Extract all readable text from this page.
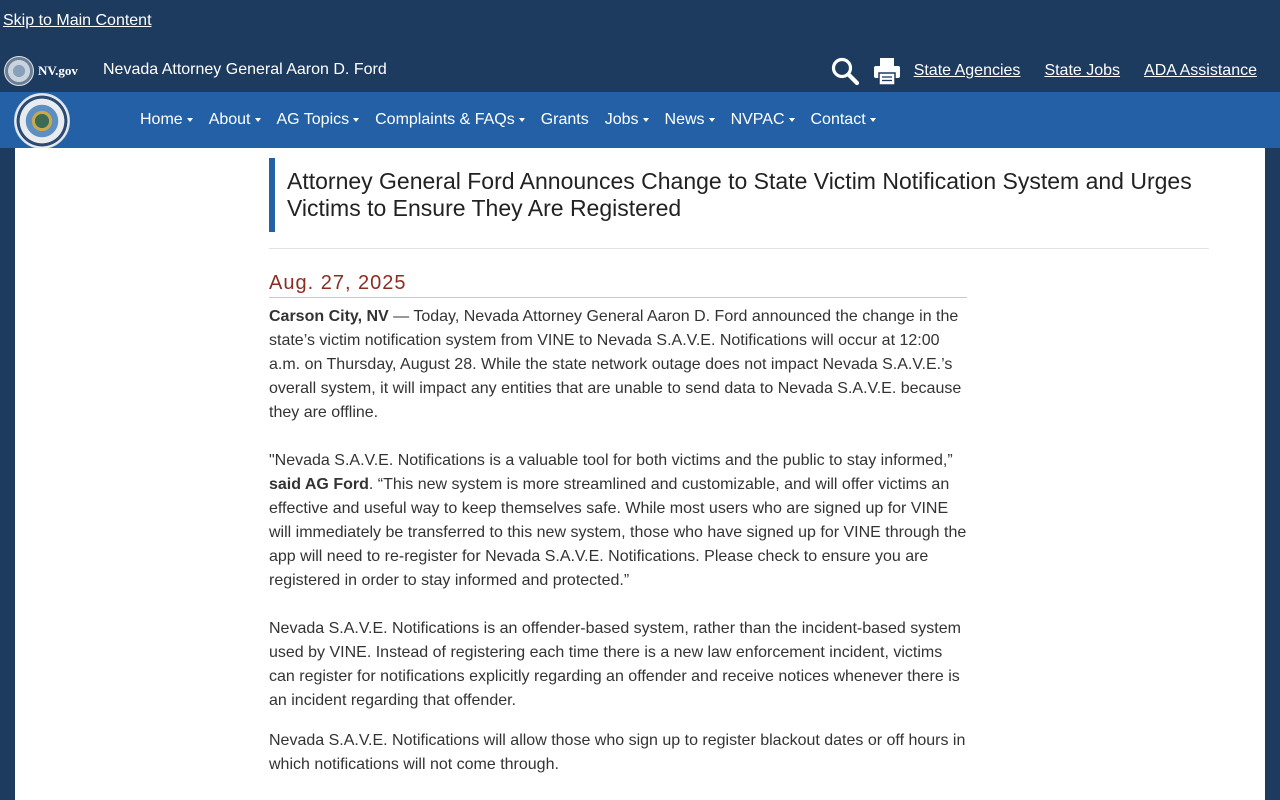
Skip to Main Content
NV.gov Nevada Attorney General Aaron D. Ford	State Agencies State Jobs ADA Assistance
Home About AG Topics Complaints & FAQs Grants Jobs News NVPAC Contact
Attorney General Ford Announces Change to State Victim Notification System and Urges Victims to Ensure They Are Registered
Aug. 27, 2025

Carson City, NV — Today, Nevada Attorney General Aaron D. Ford announced the change in the state’s victim notification system from VINE to Nevada S.A.V.E. Notifications will occur at 12:00 a.m. on Thursday, August 28. While the state network outage does not impact Nevada S.A.V.E.’s overall system, it will impact any entities that are unable to send data to Nevada S.A.V.E. because they are offline.

"Nevada S.A.V.E. Notifications is a valuable tool for both victims and the public to stay informed,” said AG Ford. “This new system is more streamlined and customizable, and will offer victims an effective and useful way to keep themselves safe. While most users who are signed up for VINE will immediately be transferred to this new system, those who have signed up for VINE through the app will need to re-register for Nevada S.A.V.E. Notifications. Please check to ensure you are registered in order to stay informed and protected.”

Nevada S.A.V.E. Notifications is an offender-based system, rather than the incident-based system used by VINE. Instead of registering each time there is a new law enforcement incident, victims can register for notifications explicitly regarding an offender and receive notices whenever there is an incident regarding that offender.

Nevada S.A.V.E. Notifications will allow those who sign up to register blackout dates or off hours in which notifications will not come through.
